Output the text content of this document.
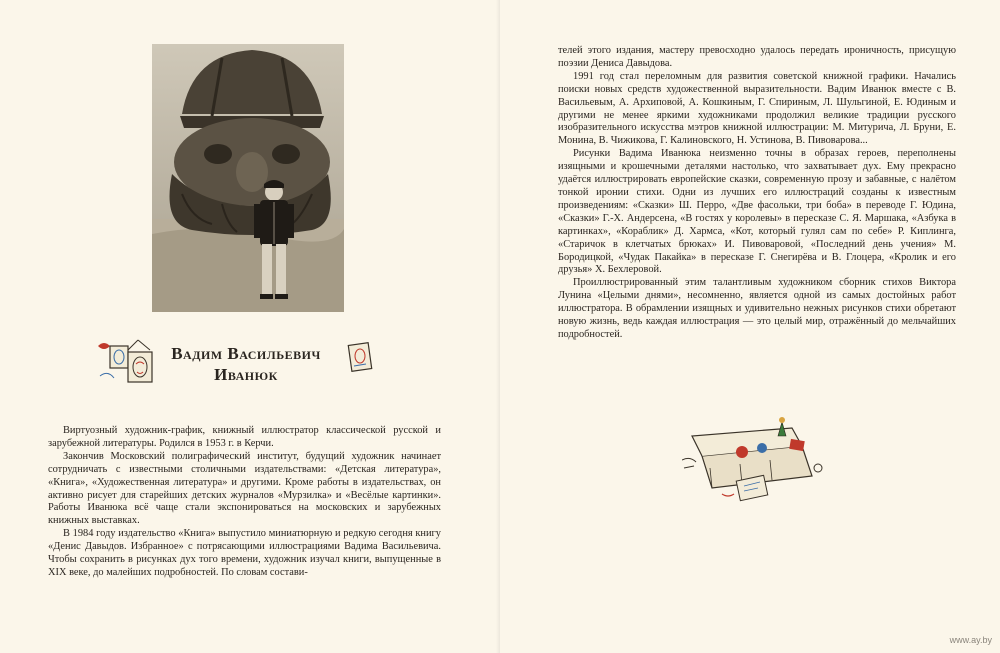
Вадим Васильевич
Иванюк

Виртуозный художник-график, книжный иллюстратор классической русской и зарубежной литературы. Родился в 1953 г. в Керчи.

Закончив Московский полиграфический институт, будущий художник начинает сотрудничать с известными столичными издательствами: «Детская литература», «Книга», «Художественная литература» и другими. Кроме работы в издательствах, он активно рисует для старейших детских журналов «Мурзилка» и «Весёлые картинки». Работы Иванюка всё чаще стали экспонироваться на московских и зарубежных книжных выставках.

В 1984 году издательство «Книга» выпустило миниатюрную и редкую сегодня книгу «Денис Давыдов. Избранное» с потрясающими иллюстрациями Вадима Васильевича. Чтобы сохранить в рисунках дух того времени, художник изучал книги, выпущенные в XIX веке, до малейших подробностей. По словам состави-

телей этого издания, мастеру превосходно удалось передать ироничность, присущую поэзии Дениса Давыдова.

1991 год стал переломным для развития советской книжной графики. Начались поиски новых средств художественной выразительности. Вадим Иванюк вместе с В. Васильевым, А. Архиповой, А. Кошкиным, Г. Спириным, Л. Шульгиной, Е. Юдиным и другими не менее яркими художниками продолжил великие традиции русского изобразительного искусства мэтров книжной иллюстрации: М. Митурича, Л. Бруни, Е. Монина, В. Чижикова, Г. Калиновского, Н. Устинова, В. Пивоварова...

Рисунки Вадима Иванюка неизменно точны в образах героев, переполнены изящными и крошечными деталями настолько, что захватывает дух. Ему прекрасно удаётся иллюстрировать европейские сказки, современную прозу и забавные, с налётом тонкой иронии стихи. Одни из лучших его иллюстраций созданы к известным произведениям: «Сказки» Ш. Перро, «Две фасольки, три боба» в переводе Г. Юдина, «Сказки» Г.-Х. Андерсена, «В гостях у королевы» в пересказе С. Я. Маршака, «Азбука в картинках», «Кораблик» Д. Хармса, «Кот, который гулял сам по себе» Р. Киплинга, «Старичок в клетчатых брюках» И. Пивоваровой, «Последний день учения» М. Бородицкой, «Чудак Пакайка» в пересказе Г. Снегирёва и В. Глоцера, «Кролик и его друзья» Х. Бехлеровой.

Проиллюстрированный этим талантливым художником сборник стихов Виктора Лунина «Целыми днями», несомненно, является одной из самых достойных работ иллюстратора. В обрамлении изящных и удивительно нежных рисунков стихи обретают новую жизнь, ведь каждая иллюстрация — это целый мир, отражённый до мельчайших подробностей.

www.ay.by
